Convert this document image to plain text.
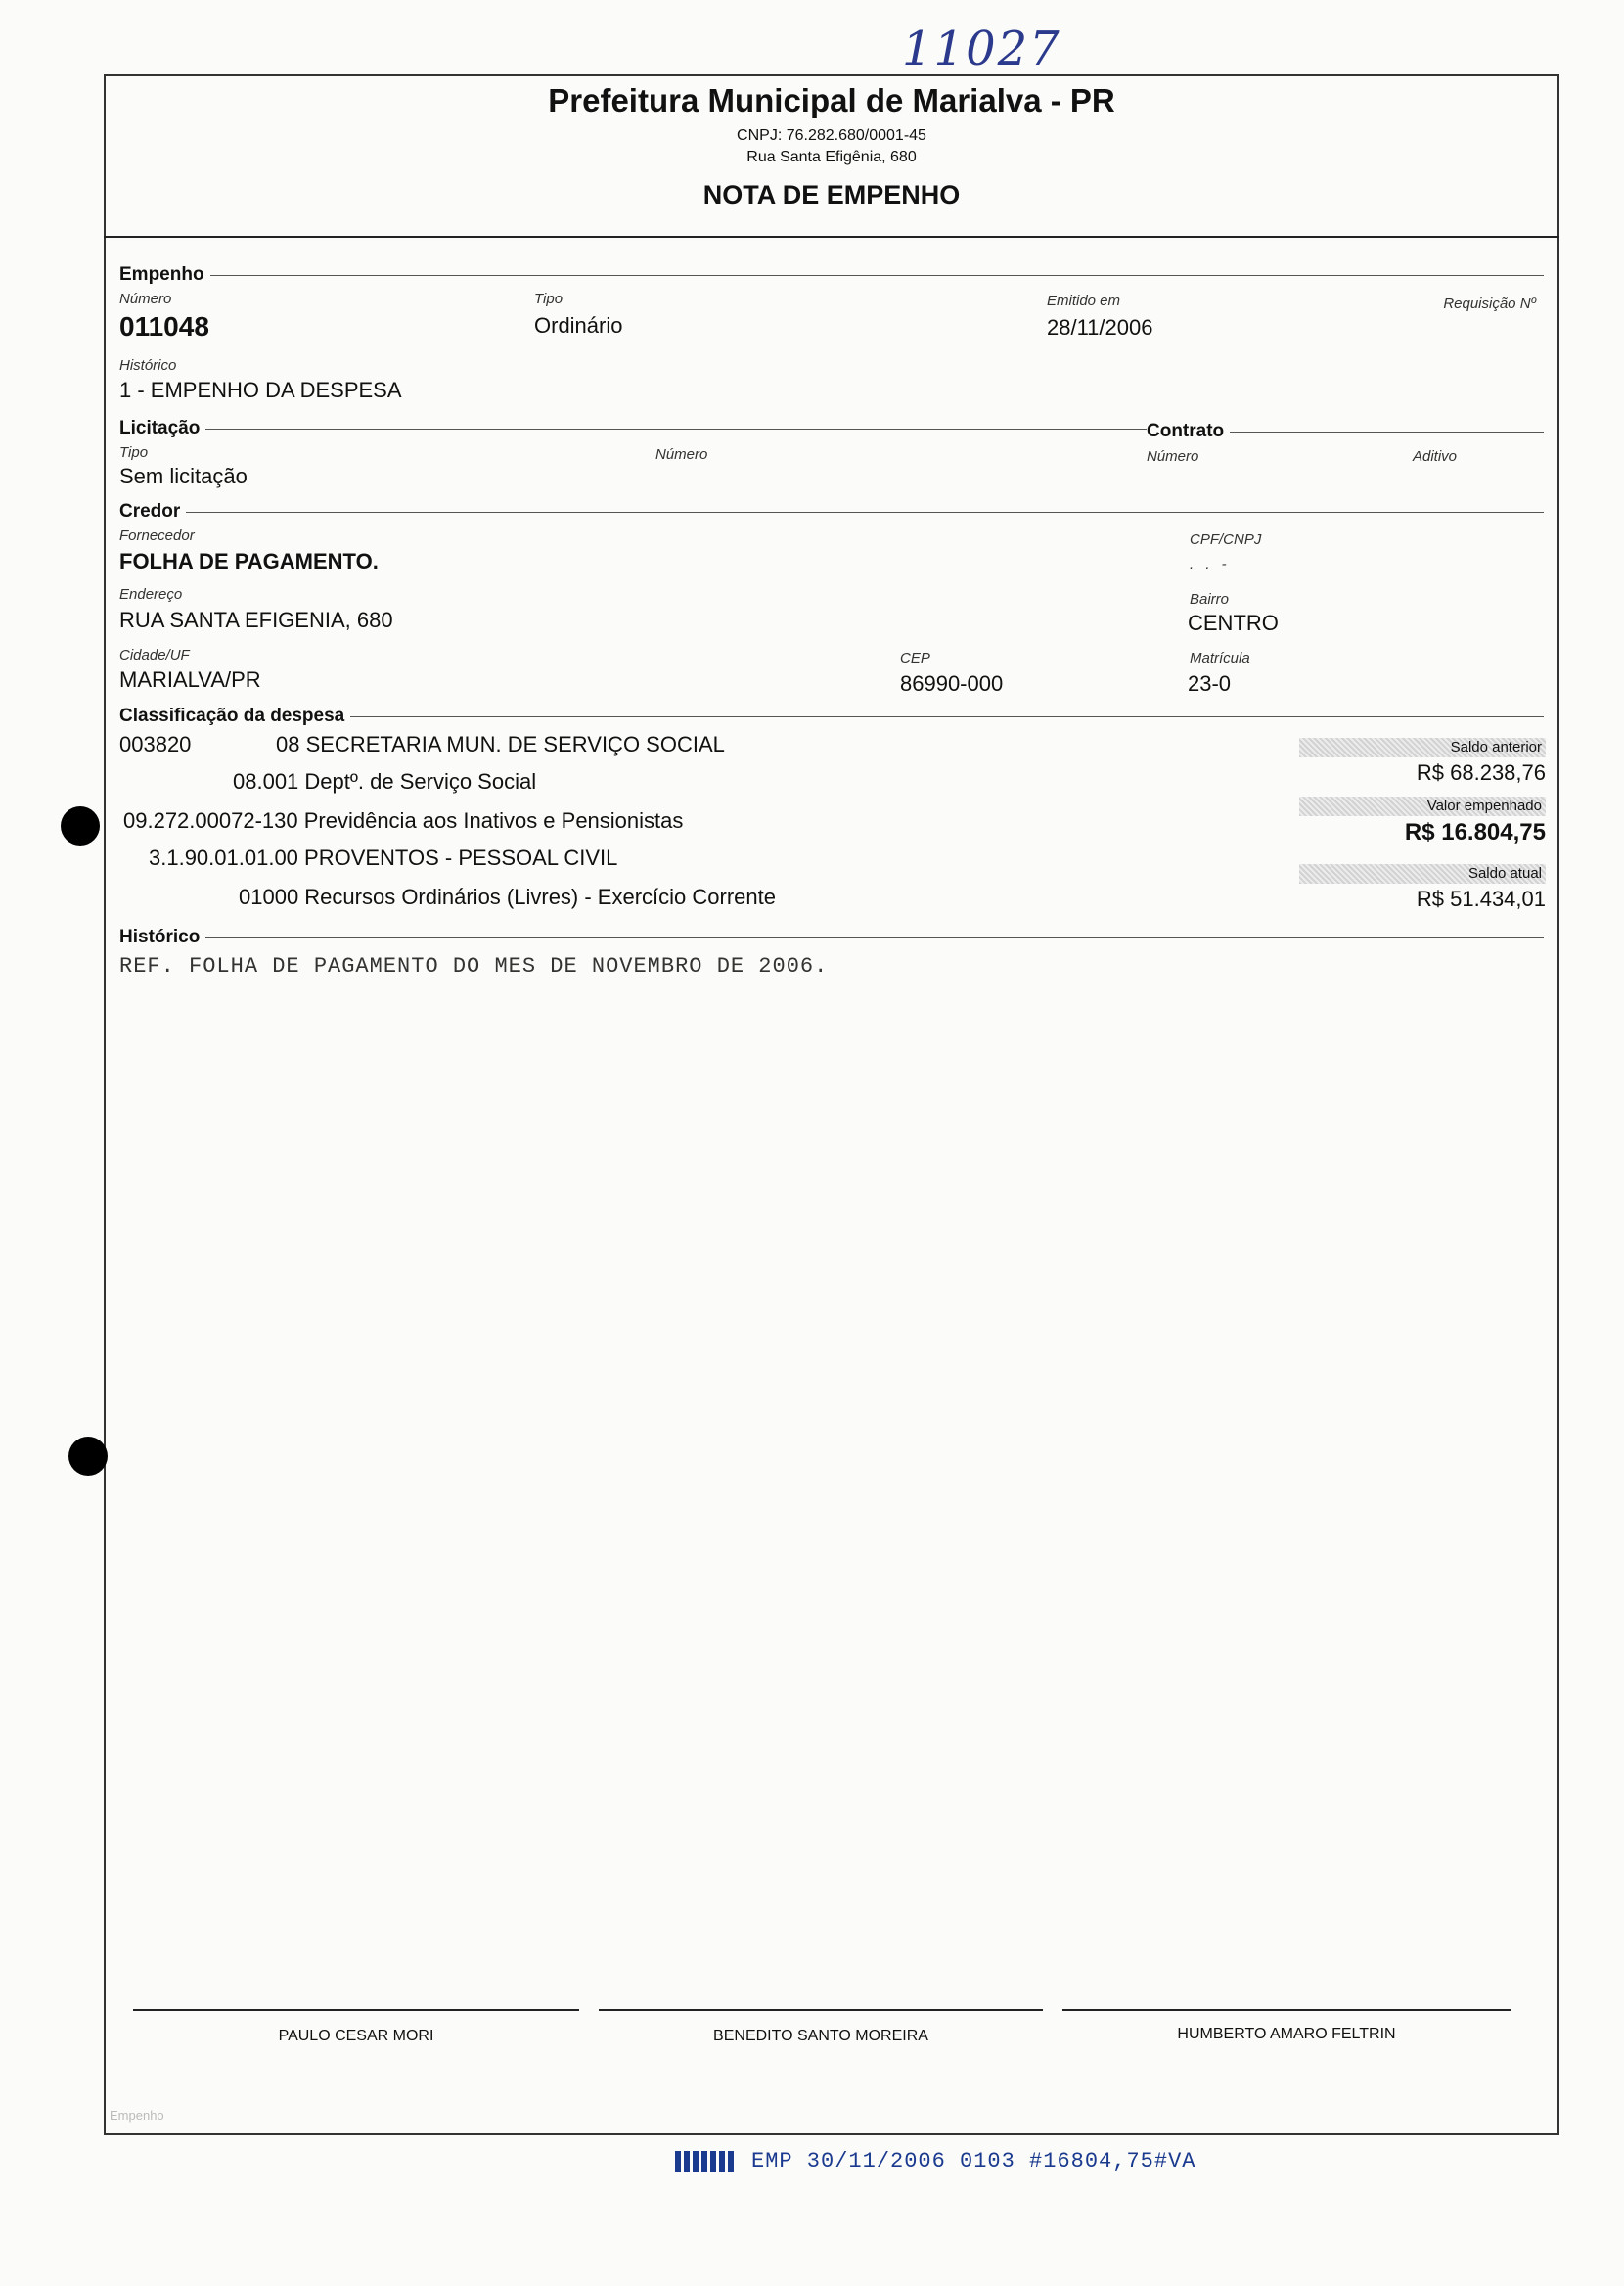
11027
Prefeitura Municipal de Marialva - PR
CNPJ: 76.282.680/0001-45
Rua Santa Efigênia, 680
NOTA DE EMPENHO
Empenho
Número
011048
Tipo
Ordinário
Emitido em
28/11/2006
Requisição Nº
Histórico
1 - EMPENHO DA DESPESA
Licitação	Contrato
Tipo
Sem licitação
Número	Número	Aditivo
Credor
Fornecedor
FOLHA DE PAGAMENTO.
CPF/CNPJ
. . -
Endereço
RUA SANTA EFIGENIA, 680
Bairro
CENTRO
Cidade/UF
MARIALVA/PR
CEP
86990-000
Matrícula
23-0
Classificação da despesa
003820	08 SECRETARIA MUN. DE SERVIÇO SOCIAL
08.001 Deptº. de Serviço Social
09.272.00072-130 Previdência aos Inativos e Pensionistas
3.1.90.01.01.00 PROVENTOS - PESSOAL CIVIL
01000 Recursos Ordinários (Livres) - Exercício Corrente
Saldo anterior
R$ 68.238,76
Valor empenhado
R$ 16.804,75
Saldo atual
R$ 51.434,01
Histórico
REF. FOLHA DE PAGAMENTO DO MES DE NOVEMBRO DE 2006.
PAULO CESAR MORI	BENEDITO SANTO MOREIRA	HUMBERTO AMARO FELTRIN
Empenho
EMP 30/11/2006 0103 #16804,75#VA
